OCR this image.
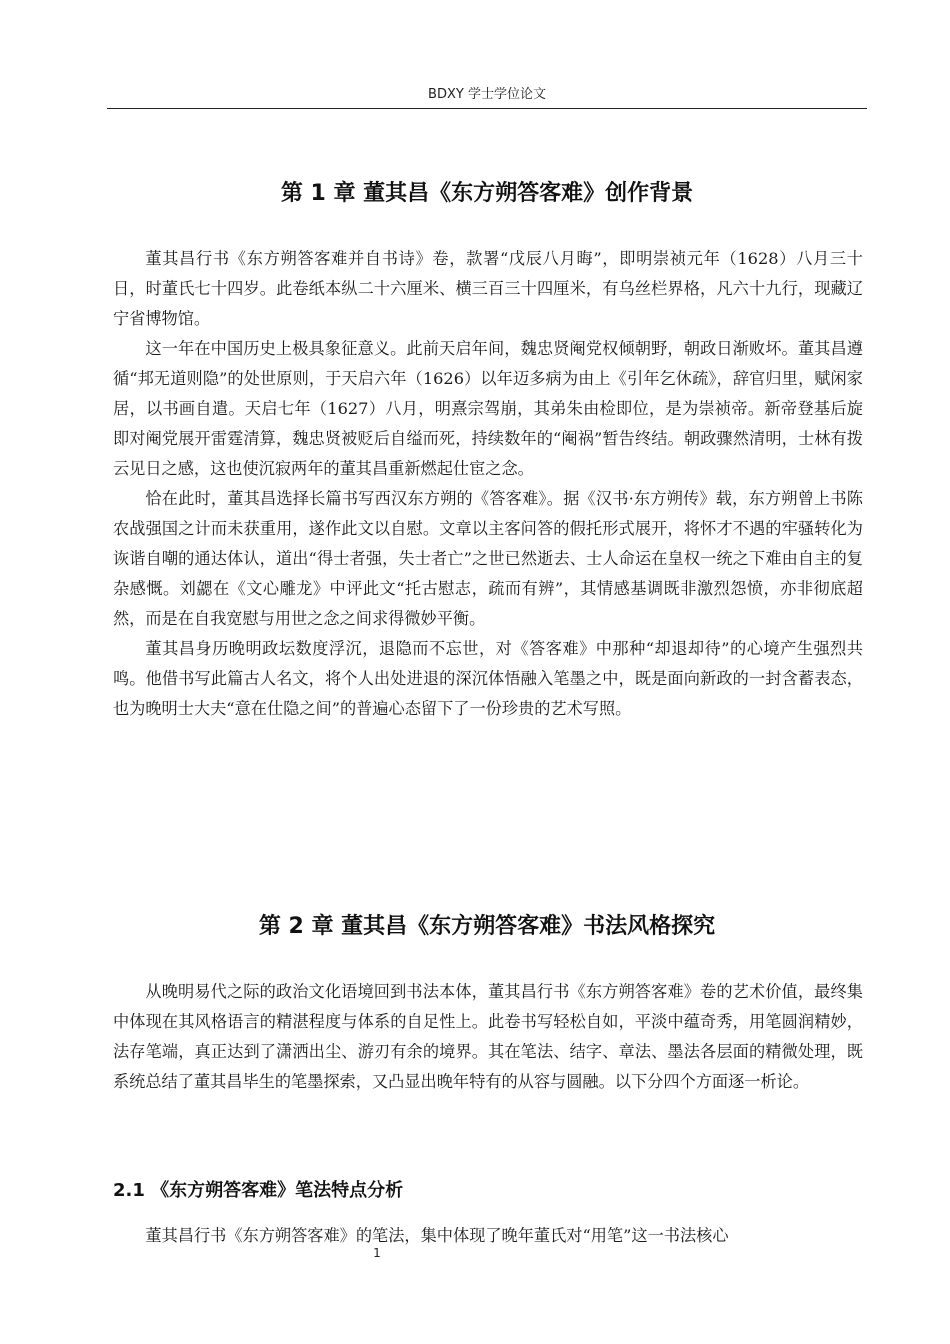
BDXY 学士学位论文
第 1 章 董其昌《东方朔答客难》创作背景

董其昌行书《东方朔答客难并自书诗》卷，款署“戊辰八月晦”，即明崇祯元年（1628）八月三十日，时董氏七十四岁。此卷纸本纵二十六厘米、横三百三十四厘米，有乌丝栏界格，凡六十九行，现藏辽宁省博物馆。

这一年在中国历史上极具象征意义。此前天启年间，魏忠贤阉党权倾朝野，朝政日渐败坏。董其昌遵循“邦无道则隐”的处世原则，于天启六年（1626）以年迈多病为由上《引年乞休疏》，辞官归里，赋闲家居，以书画自遣。天启七年（1627）八月，明熹宗驾崩，其弟朱由检即位，是为崇祯帝。新帝登基后旋即对阉党展开雷霆清算，魏忠贤被贬后自缢而死，持续数年的“阉祸”暂告终结。朝政骤然清明，士林有拨云见日之感，这也使沉寂两年的董其昌重新燃起仕宦之念。

恰在此时，董其昌选择长篇书写西汉东方朔的《答客难》。据《汉书·东方朔传》载，东方朔曾上书陈农战强国之计而未获重用，遂作此文以自慰。文章以主客问答的假托形式展开，将怀才不遇的牢骚转化为诙谐自嘲的通达体认，道出“得士者强，失士者亡”之世已然逝去、士人命运在皇权一统之下难由自主的复杂感慨。刘勰在《文心雕龙》中评此文“托古慰志，疏而有辨”，其情感基调既非激烈怨愤，亦非彻底超然，而是在自我宽慰与用世之念之间求得微妙平衡。

董其昌身历晚明政坛数度浮沉，退隐而不忘世，对《答客难》中那种“却退却待”的心境产生强烈共鸣。他借书写此篇古人名文，将个人出处进退的深沉体悟融入笔墨之中，既是面向新政的一封含蓄表态，也为晚明士大夫“意在仕隐之间”的普遍心态留下了一份珍贵的艺术写照。

第 2 章 董其昌《东方朔答客难》书法风格探究

从晚明易代之际的政治文化语境回到书法本体，董其昌行书《东方朔答客难》卷的艺术价值，最终集中体现在其风格语言的精湛程度与体系的自足性上。此卷书写轻松自如，平淡中蕴奇秀，用笔圆润精妙，法存笔端，真正达到了潇洒出尘、游刃有余的境界。其在笔法、结字、章法、墨法各层面的精微处理，既系统总结了董其昌毕生的笔墨探索，又凸显出晚年特有的从容与圆融。以下分四个方面逐一析论。

2.1 《东方朔答客难》笔法特点分析

董其昌行书《东方朔答客难》的笔法，集中体现了晚年董氏对“用笔”这一书法核心

1
